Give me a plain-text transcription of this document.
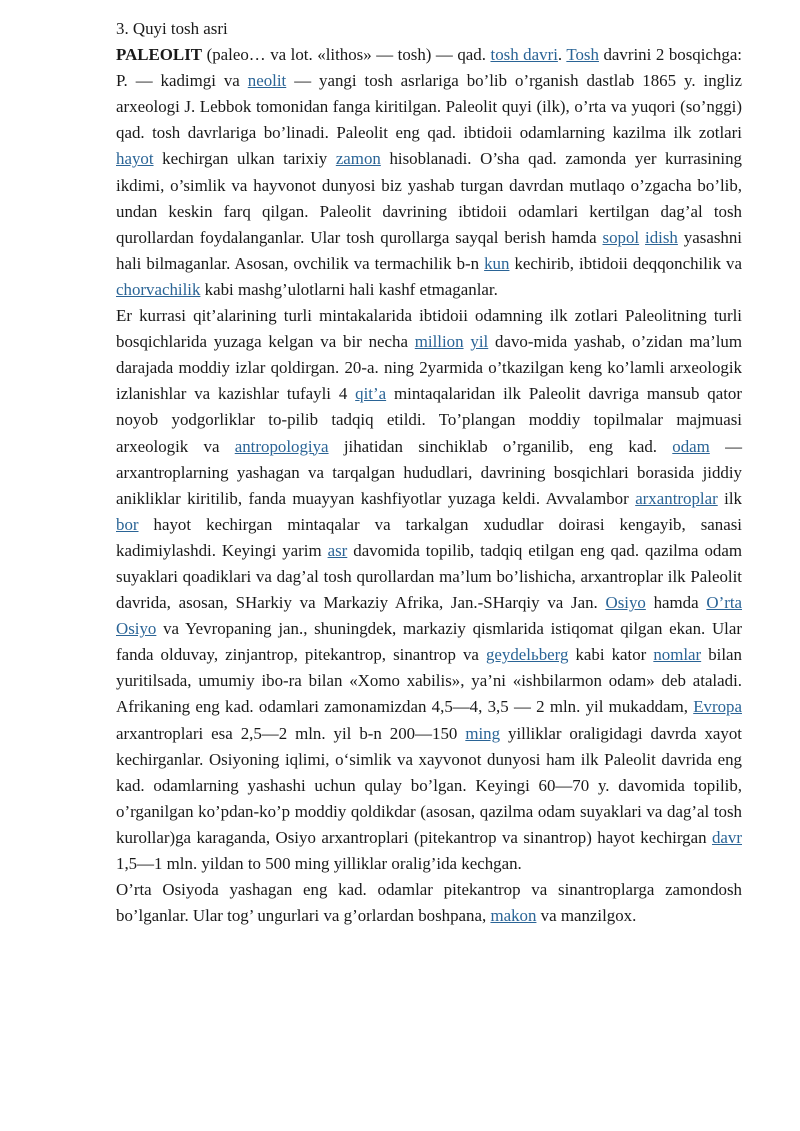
3. Quyi tosh asri

PALEOLIT (paleo… va lot. «lithos» — tosh) — qad. tosh davri. Tosh davrini 2 bosqichga: P. — kadimgi va neolit — yangi tosh asrlariga bo’lib o’rganish dastlab 1865 y. ingliz arxeologi J. Lebbok tomonidan fanga kiritilgan. Paleolit quyi (ilk), o’rta va yuqori (so’nggi) qad. tosh davrlariga bo’linadi. Paleolit eng qad. ibtidoii odamlarning kazilma ilk zotlari hayot kechirgan ulkan tarixiy zamon hisoblanadi. O’sha qad. zamonda yer kurrasining ikdimi, o’simlik va hayvonot dunyosi biz yashab turgan davrdan mutlaqo o’zgacha bo’lib, undan keskin farq qilgan. Paleolit davrining ibtidoii odamlari kertilgan dag’al tosh qurollardan foydalanganlar. Ular tosh qurollarga sayqal berish hamda sopol idish yasashni hali bilmaganlar. Asosan, ovchilik va termachilik b-n kun kechirib, ibtidoii deqqonchilik va chorvachilik kabi mashg’ulotlarni hali kashf etmaganlar.

Er kurrasi qit’alarining turli mintakalarida ibtidoii odamning ilk zotlari Paleolitning turli bosqichlarida yuzaga kelgan va bir necha million yil davo-mida yashab, o’zidan ma’lum darajada moddiy izlar qoldirgan. 20-a. ning 2yarmida o’tkazilgan keng ko’lamli arxeologik izlanishlar va kazishlar tufayli 4 qit’a mintaqalaridan ilk Paleolit davriga mansub qator noyob yodgorliklar to-pilib tadqiq etildi. To’plangan moddiy topilmalar majmuasi arxeologik va antropologiya jihatidan sinchiklab o’rganilib, eng kad. odam — arxantroplarning yashagan va tarqalgan hududlari, davrining bosqichlari borasida jiddiy anikliklar kiritilib, fanda muayyan kashfiyotlar yuzaga keldi. Avvalambor arxantroplar ilk bor hayot kechirgan mintaqalar va tarkalgan xududlar doirasi kengayib, sanasi kadimiylashdi. Keyingi yarim asr davomida topilib, tadqiq etilgan eng qad. qazilma odam suyaklari qoadiklari va dag’al tosh qurollardan ma’lum bo’lishicha, arxantroplar ilk Paleolit davrida, asosan, SHarkiy va Markaziy Afrika, Jan.-SHarqiy va Jan. Osiyo hamda O’rta Osiyo va Yevropaning jan., shuningdek, markaziy qismlarida istiqomat qilgan ekan. Ular fanda olduvay, zinjantrop, pitekantrop, sinantrop va geydelьberg kabi kator nomlar bilan yuritilsada, umumiy ibo-ra bilan «Xomo xabilis», ya’ni «ishbilarmon odam» deb ataladi. Afrikaning eng kad. odamlari zamonamizdan 4,5—4, 3,5 — 2 mln. yil mukaddam, Evropa arxantroplari esa 2,5—2 mln. yil b-n 200—150 ming yilliklar oraligidagi davrda xayot kechirganlar. Osiyoning iqlimi, o‘simlik va xayvonot dunyosi ham ilk Paleolit davrida eng kad. odamlarning yashashi uchun qulay bo’lgan. Keyingi 60—70 y. davomida topilib, o’rganilgan ko’pdan-ko’p moddiy qoldikdar (asosan, qazilma odam suyaklari va dag’al tosh kurollar)ga karaganda, Osiyo arxantroplari (pitekantrop va sinantrop) hayot kechirgan davr 1,5—1 mln. yildan to 500 ming yilliklar oralig’ida kechgan.

O’rta Osiyoda yashagan eng kad. odamlar pitekantrop va sinantroplarga zamondosh bo’lganlar. Ular tog’ ungurlari va g’orlardan boshpana, makon va manzilgox.
